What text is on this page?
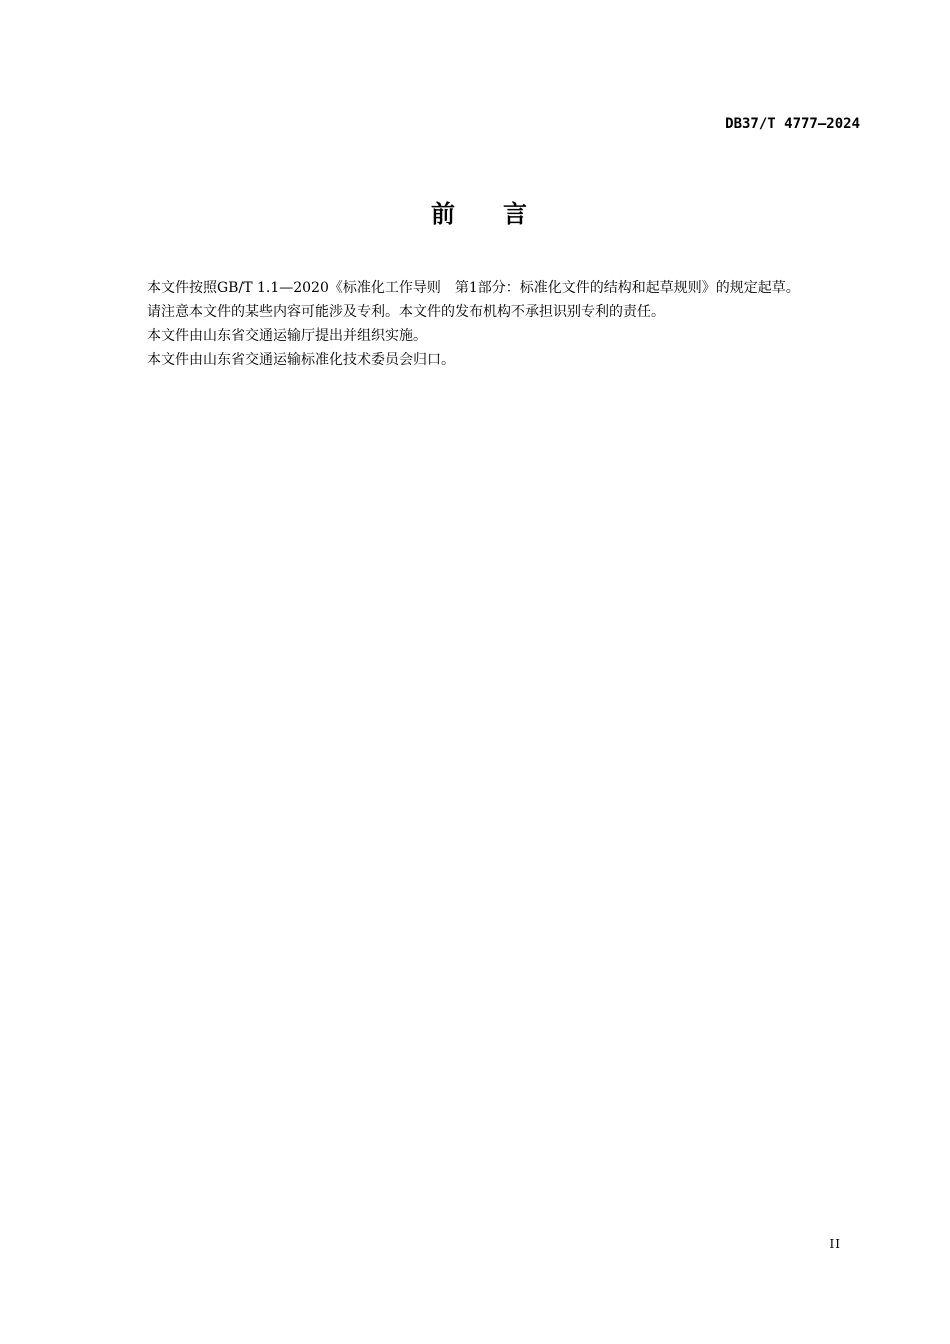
DB37/T 4777—2024
前言

本文件按照GB/T 1.1—2020《标准化工作导则　第1部分：标准化文件的结构和起草规则》的规定起草。

请注意本文件的某些内容可能涉及专利。本文件的发布机构不承担识别专利的责任。

本文件由山东省交通运输厅提出并组织实施。

本文件由山东省交通运输标准化技术委员会归口。

II
